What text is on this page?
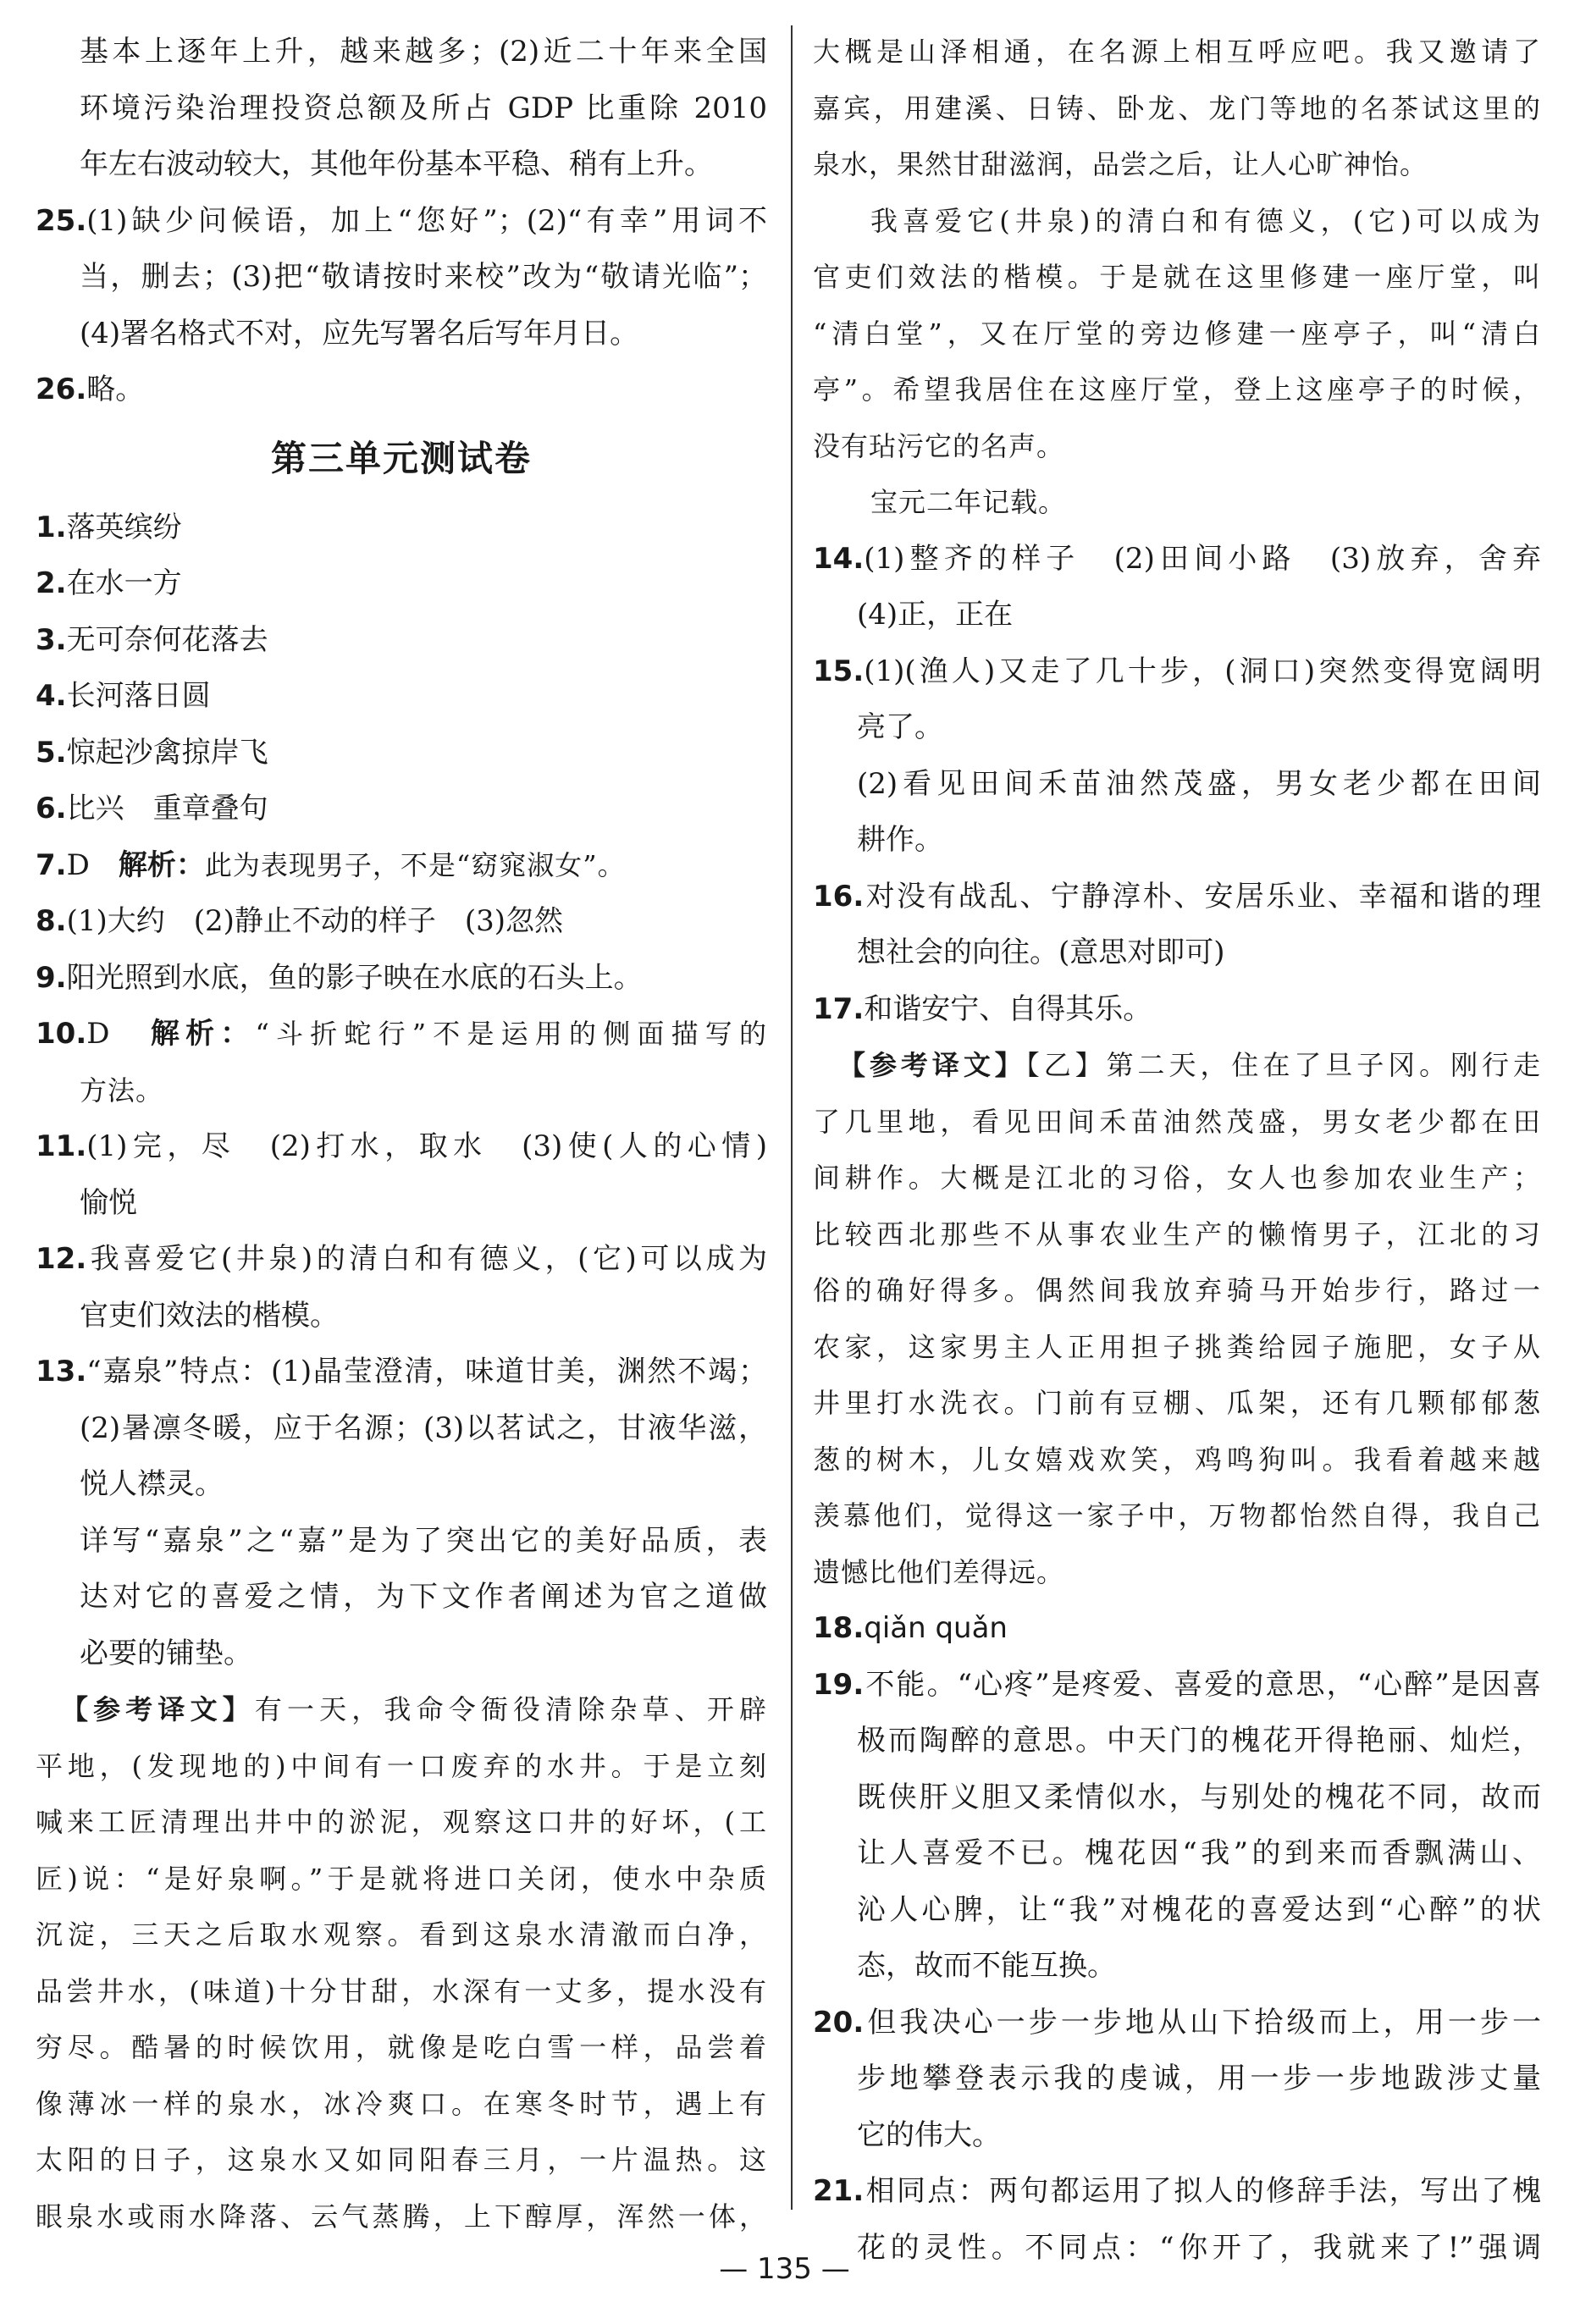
基本上逐年上升，越来越多；(2)近二十年来全国

环境污染治理投资总额及所占 GDP 比重除 2010

年左右波动较大，其他年份基本平稳、稍有上升。

25.(1)缺少问候语，加上“您好”；(2)“有幸”用词不

当，删去；(3)把“敬请按时来校”改为“敬请光临”；

(4)署名格式不对，应先写署名后写年月日。

26.略。

第三单元测试卷

1.落英缤纷

2.在水一方

3.无可奈何花落去

4.长河落日圆

5.惊起沙禽掠岸飞

6.比兴　重章叠句

7.D　解析：此为表现男子，不是“窈窕淑女”。

8.(1)大约　(2)静止不动的样子　(3)忽然

9.阳光照到水底，鱼的影子映在水底的石头上。

10.D　解析：“斗折蛇行”不是运用的侧面描写的

方法。

11.(1)完，尽　(2)打水，取水　(3)使(人的心情)

愉悦

12.我喜爱它(井泉)的清白和有德义，(它)可以成为

官吏们效法的楷模。

13.“嘉泉”特点：(1)晶莹澄清，味道甘美，渊然不竭；

(2)暑凛冬暖，应于名源；(3)以茗试之，甘液华滋，

悦人襟灵。

详写“嘉泉”之“嘉”是为了突出它的美好品质，表

达对它的喜爱之情，为下文作者阐述为官之道做

必要的铺垫。

【参考译文】有一天，我命令衙役清除杂草、开辟

平地，(发现地的)中间有一口废弃的水井。于是立刻

喊来工匠清理出井中的淤泥，观察这口井的好坏，(工

匠)说：“是好泉啊。”于是就将进口关闭，使水中杂质

沉淀，三天之后取水观察。看到这泉水清澈而白净，

品尝井水，(味道)十分甘甜，水深有一丈多，提水没有

穷尽。酷暑的时候饮用，就像是吃白雪一样，品尝着

像薄冰一样的泉水，冰冷爽口。在寒冬时节，遇上有

太阳的日子，这泉水又如同阳春三月，一片温热。这

眼泉水或雨水降落、云气蒸腾，上下醇厚，浑然一体，

大概是山泽相通，在名源上相互呼应吧。我又邀请了

嘉宾，用建溪、日铸、卧龙、龙门等地的名茶试这里的

泉水，果然甘甜滋润，品尝之后，让人心旷神怡。

我喜爱它(井泉)的清白和有德义，(它)可以成为

官吏们效法的楷模。于是就在这里修建一座厅堂，叫

“清白堂”，又在厅堂的旁边修建一座亭子，叫“清白

亭”。希望我居住在这座厅堂，登上这座亭子的时候，

没有玷污它的名声。

宝元二年记载。

14.(1)整齐的样子　(2)田间小路　(3)放弃，舍弃

(4)正，正在

15.(1)(渔人)又走了几十步，(洞口)突然变得宽阔明

亮了。

(2)看见田间禾苗油然茂盛，男女老少都在田间

耕作。

16.对没有战乱、宁静淳朴、安居乐业、幸福和谐的理

想社会的向往。(意思对即可)

17.和谐安宁、自得其乐。

【参考译文】【乙】第二天，住在了旦子冈。刚行走

了几里地，看见田间禾苗油然茂盛，男女老少都在田

间耕作。大概是江北的习俗，女人也参加农业生产；

比较西北那些不从事农业生产的懒惰男子，江北的习

俗的确好得多。偶然间我放弃骑马开始步行，路过一

农家，这家男主人正用担子挑粪给园子施肥，女子从

井里打水洗衣。门前有豆棚、瓜架，还有几颗郁郁葱

葱的树木，儿女嬉戏欢笑，鸡鸣狗叫。我看着越来越

羡慕他们，觉得这一家子中，万物都怡然自得，我自己

遗憾比他们差得远。

18.qiǎn quǎn

19.不能。“心疼”是疼爱、喜爱的意思，“心醉”是因喜

极而陶醉的意思。中天门的槐花开得艳丽、灿烂，

既侠肝义胆又柔情似水，与别处的槐花不同，故而

让人喜爱不已。槐花因“我”的到来而香飘满山、

沁人心脾，让“我”对槐花的喜爱达到“心醉”的状

态，故而不能互换。

20.但我决心一步一步地从山下拾级而上，用一步一

步地攀登表示我的虔诚，用一步一步地跋涉丈量

它的伟大。

21.相同点：两句都运用了拟人的修辞手法，写出了槐

花的灵性。不同点：“你开了，我就来了!”强调

— 135 —
